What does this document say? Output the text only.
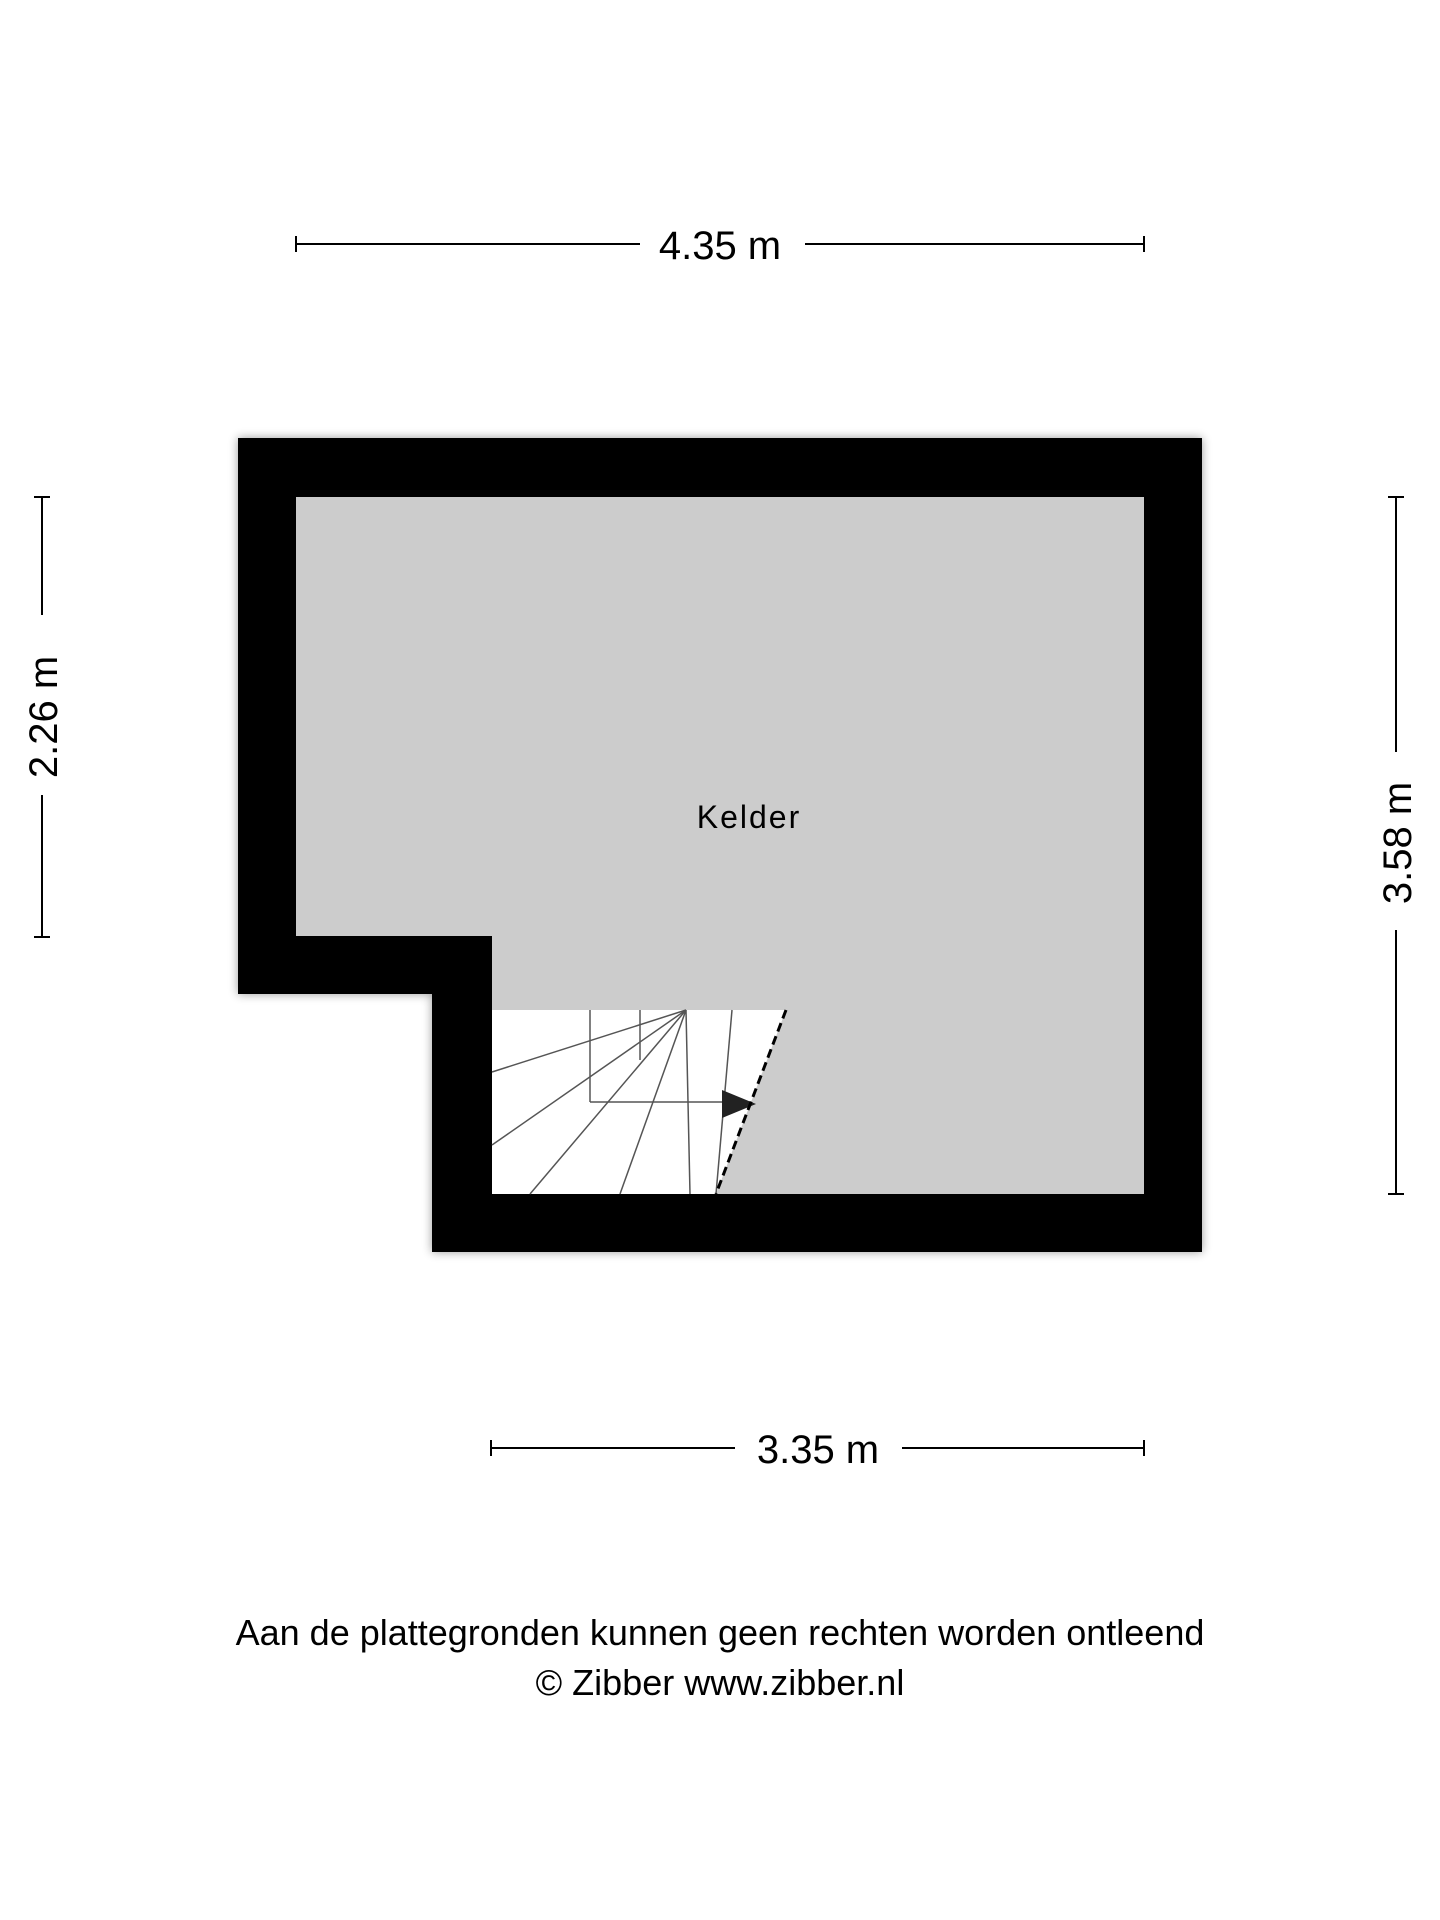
4.35 m
3.35 m
2.26 m
3.58 m
Kelder
Aan de plattegronden kunnen geen rechten worden ontleend
© Zibber www.zibber.nl
